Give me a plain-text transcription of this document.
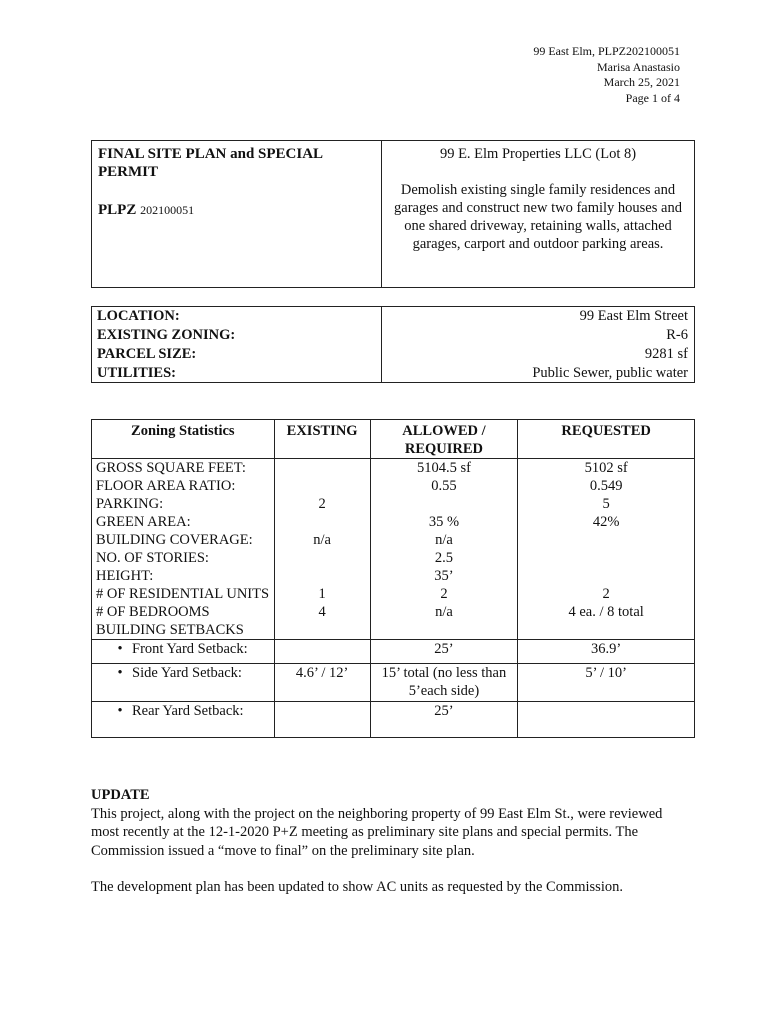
99 East Elm, PLPZ202100051
Marisa Anastasio
March 25, 2021
Page 1 of 4
FINAL SITE PLAN and SPECIAL PERMIT
PLPZ 202100051
99 E. Elm Properties LLC (Lot 8)
Demolish existing single family residences and garages and construct new two family houses and one shared driveway, retaining walls, attached garages, carport and outdoor parking areas.
LOCATION:	99 East Elm Street
EXISTING ZONING:	R-6
PARCEL SIZE:	9281 sf
UTILITIES:	Public Sewer, public water
Zoning Statistics	EXISTING	ALLOWED / REQUIRED	REQUESTED
GROSS SQUARE FEET:		5104.5 sf	5102 sf
FLOOR AREA RATIO:		0.55	0.549
PARKING:	2		5
GREEN AREA:		35 %	42%
BUILDING COVERAGE:	n/a	n/a	
NO. OF STORIES:		2.5	
HEIGHT:		35’	
# OF RESIDENTIAL UNITS	1	2	2
# OF BEDROOMS	4	n/a	4 ea. / 8 total
BUILDING SETBACKS			
• Front Yard Setback:		25’	36.9’
• Side Yard Setback:	4.6’ / 12’	15’ total (no less than 5’each side)	5’ / 10’
• Rear Yard Setback:		25’	
UPDATE

This project, along with the project on the neighboring property of 99 East Elm St., were reviewed most recently at the 12-1-2020 P+Z meeting as preliminary site plans and special permits. The Commission issued a “move to final” on the preliminary site plan.

The development plan has been updated to show AC units as requested by the Commission.
